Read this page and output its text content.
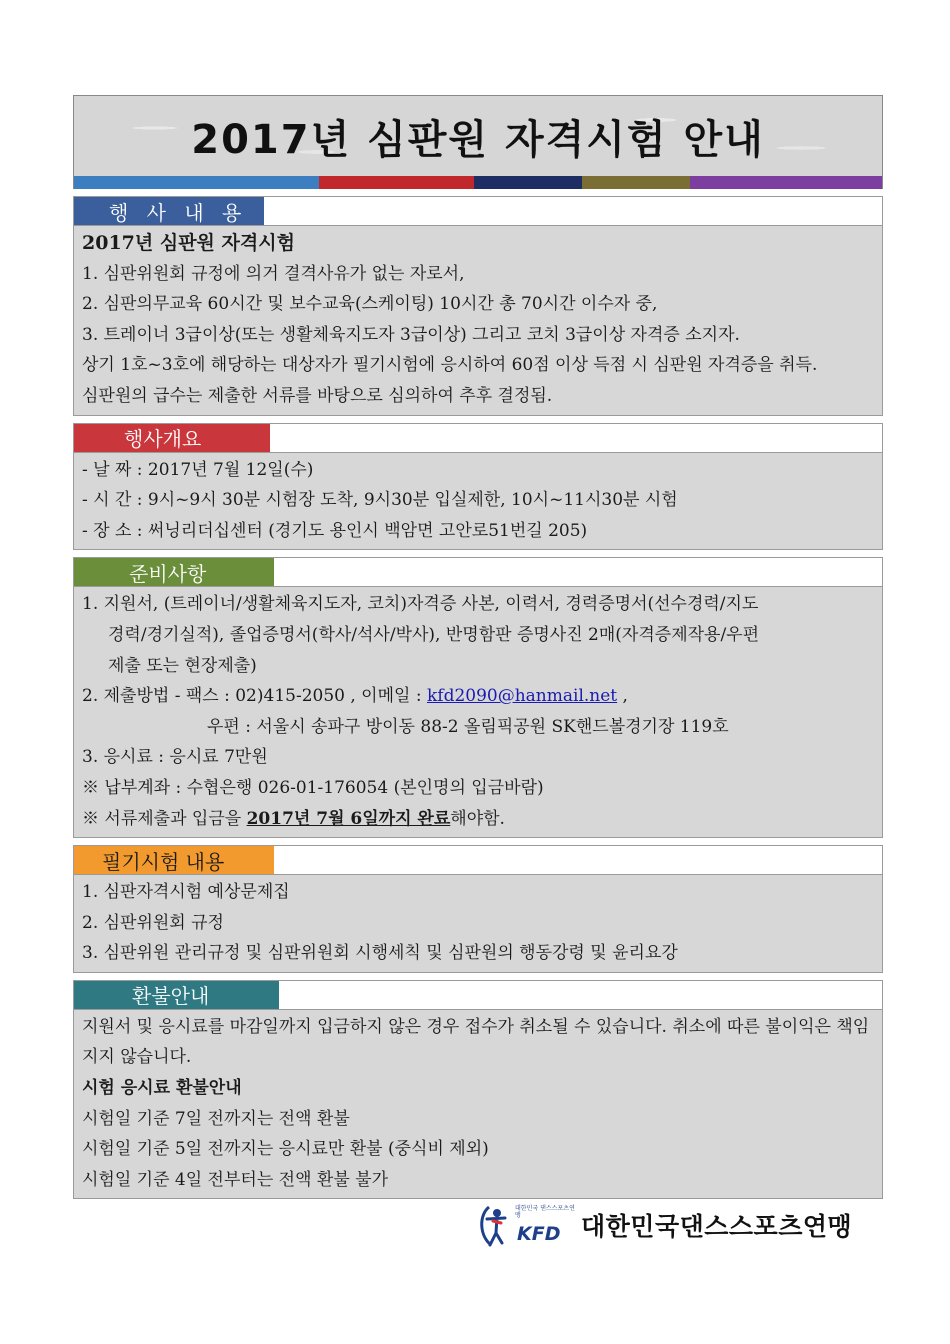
2017년 심판원 자격시험 안내
행 사 내 용

2017년 심판원 자격시험

1. 심판위원회 규정에 의거 결격사유가 없는 자로서,

2. 심판의무교육 60시간 및 보수교육(스케이팅) 10시간 총 70시간 이수자 중,

3. 트레이너 3급이상(또는 생활체육지도자 3급이상) 그리고 코치 3급이상 자격증 소지자.

상기 1호~3호에 해당하는 대상자가 필기시험에 응시하여 60점 이상 득점 시 심판원 자격증을 취득.

심판원의 급수는 제출한 서류를 바탕으로 심의하여 추후 결정됨.

행사개요

- 날 짜 : 2017년 7월 12일(수)

- 시 간 : 9시~9시 30분 시험장 도착, 9시30분 입실제한, 10시~11시30분 시험

- 장 소 : 써닝리더십센터 (경기도 용인시 백암면 고안로51번길 205)

준비사항

1. 지원서, (트레이너/생활체육지도자, 코치)자격증 사본, 이력서, 경력증명서(선수경력/지도

경력/경기실적), 졸업증명서(학사/석사/박사), 반명함판 증명사진 2매(자격증제작용/우편

제출 또는 현장제출)

2. 제출방법 - 팩스 : 02)415-2050 , 이메일 : kfd2090@hanmail.net ,

우편 : 서울시 송파구 방이동 88-2 올림픽공원 SK핸드볼경기장 119호

3. 응시료 : 응시료 7만원

※ 납부계좌 : 수협은행 026-01-176054 (본인명의 입금바람)

※ 서류제출과 입금을 2017년 7월 6일까지 완료해야함.

필기시험 내용

1. 심판자격시험 예상문제집

2. 심판위원회 규정

3. 심판위원 관리규정 및 심판위원회 시행세칙 및 심판원의 행동강령 및 윤리요강

환불안내

지원서 및 응시료를 마감일까지 입금하지 않은 경우 접수가 취소될 수 있습니다. 취소에 따른 불이익은 책임지지 않습니다.

시험 응시료 환불안내

시험일 기준 7일 전까지는 전액 환불

시험일 기준 5일 전까지는 응시료만 환불 (중식비 제외)

시험일 기준 4일 전부터는 전액 환불 불가

대한민국 댄스스포츠연맹
KFD 대한민국댄스스포츠연맹
